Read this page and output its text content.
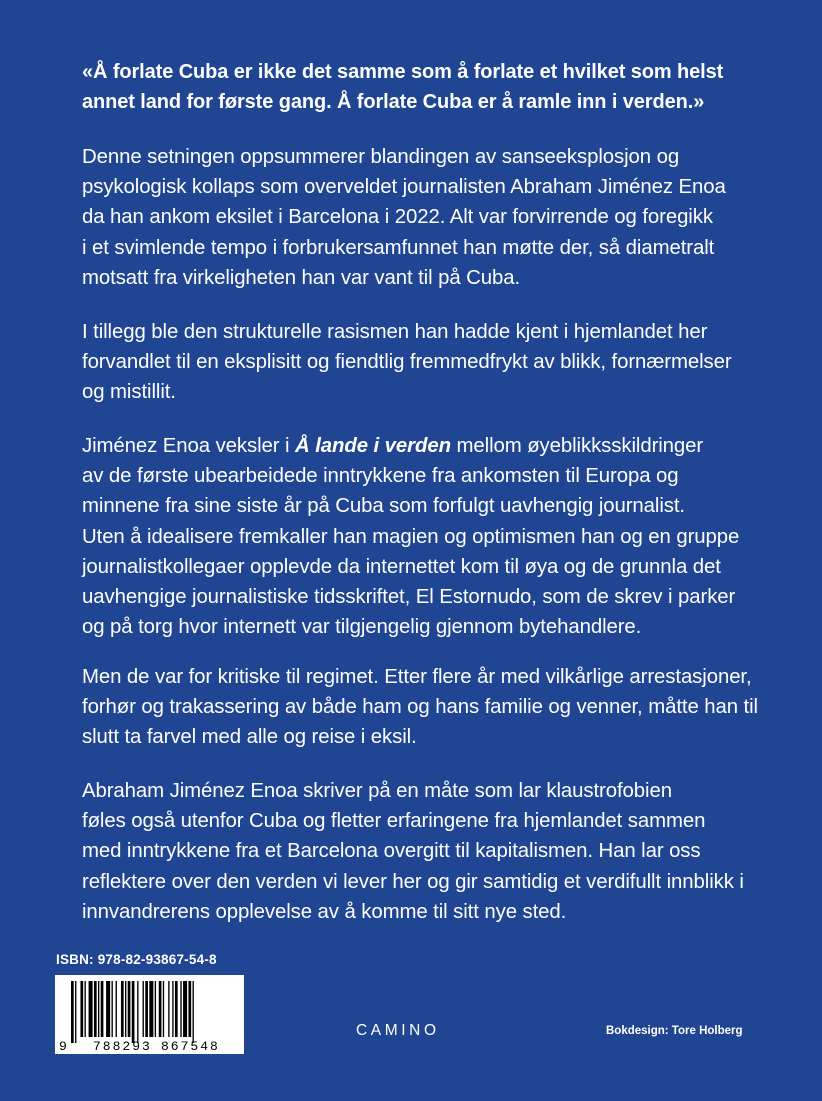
«Å forlate Cuba er ikke det samme som å forlate et hvilket som helst
annet land for første gang. Å forlate Cuba er å ramle inn i verden.»

Denne setningen oppsummerer blandingen av sanseeksplosjon og
psykologisk kollaps som overveldet journalisten Abraham Jiménez Enoa
da han ankom eksilet i Barcelona i 2022. Alt var forvirrende og foregikk
i et svimlende tempo i forbrukersamfunnet han møtte der, så diametralt
motsatt fra virkeligheten han var vant til på Cuba.

I tillegg ble den strukturelle rasismen han hadde kjent i hjemlandet her
forvandlet til en eksplisitt og fiendtlig fremmedfrykt av blikk, fornærmelser
og mistillit.

Jiménez Enoa veksler i Å lande i verden mellom øyeblikksskildringer
av de første ubearbeidede inntrykkene fra ankomsten til Europa og
minnene fra sine siste år på Cuba som forfulgt uavhengig journalist.
Uten å idealisere fremkaller han magien og optimismen han og en gruppe
journalistkollegaer opplevde da internettet kom til øya og de grunnla det
uavhengige journalistiske tidsskriftet, El Estornudo, som de skrev i parker
og på torg hvor internett var tilgjengelig gjennom bytehandlere.

Men de var for kritiske til regimet. Etter flere år med vilkårlige arrestasjoner,
forhør og trakassering av både ham og hans familie og venner, måtte han til
slutt ta farvel med alle og reise i eksil.

Abraham Jiménez Enoa skriver på en måte som lar klaustrofobien
føles også utenfor Cuba og fletter erfaringene fra hjemlandet sammen
med inntrykkene fra et Barcelona overgitt til kapitalismen. Han lar oss
reflektere over den verden vi lever her og gir samtidig et verdifullt innblikk i
innvandrerens opplevelse av å komme til sitt nye sted.

ISBN: 978-82-93867-54-8
9 788293 867548
CAMINO	Bokdesign: Tore Holberg
